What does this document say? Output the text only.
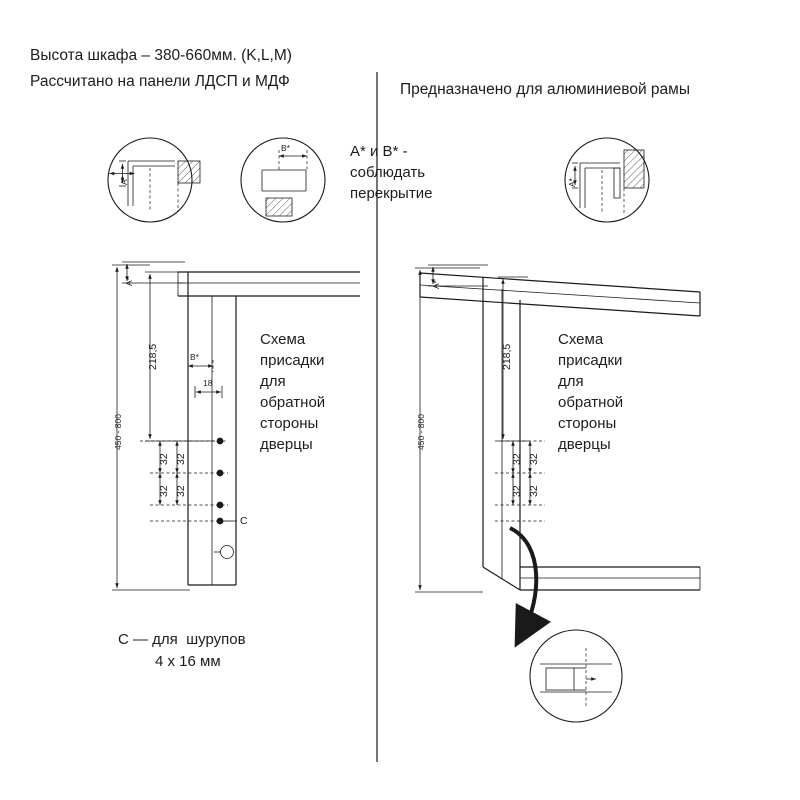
Высота шкафа – 380-660мм. (K,L,M)
Рассчитано на панели ЛДСП и МДФ	Предназначено для алюминиевой рамы
A* и B* -
соблюдать
перекрытие
A*
B*
A*
A*
218,5
450 - 800
B*
18
32 32
32 32
C
Схема
присадки
для
обратной
стороны
дверцы
A*
218,5
450 - 800
32 32
32 32
Схема
присадки
для
обратной
стороны
дверцы
C — для  шурупов
4 x 16 мм
